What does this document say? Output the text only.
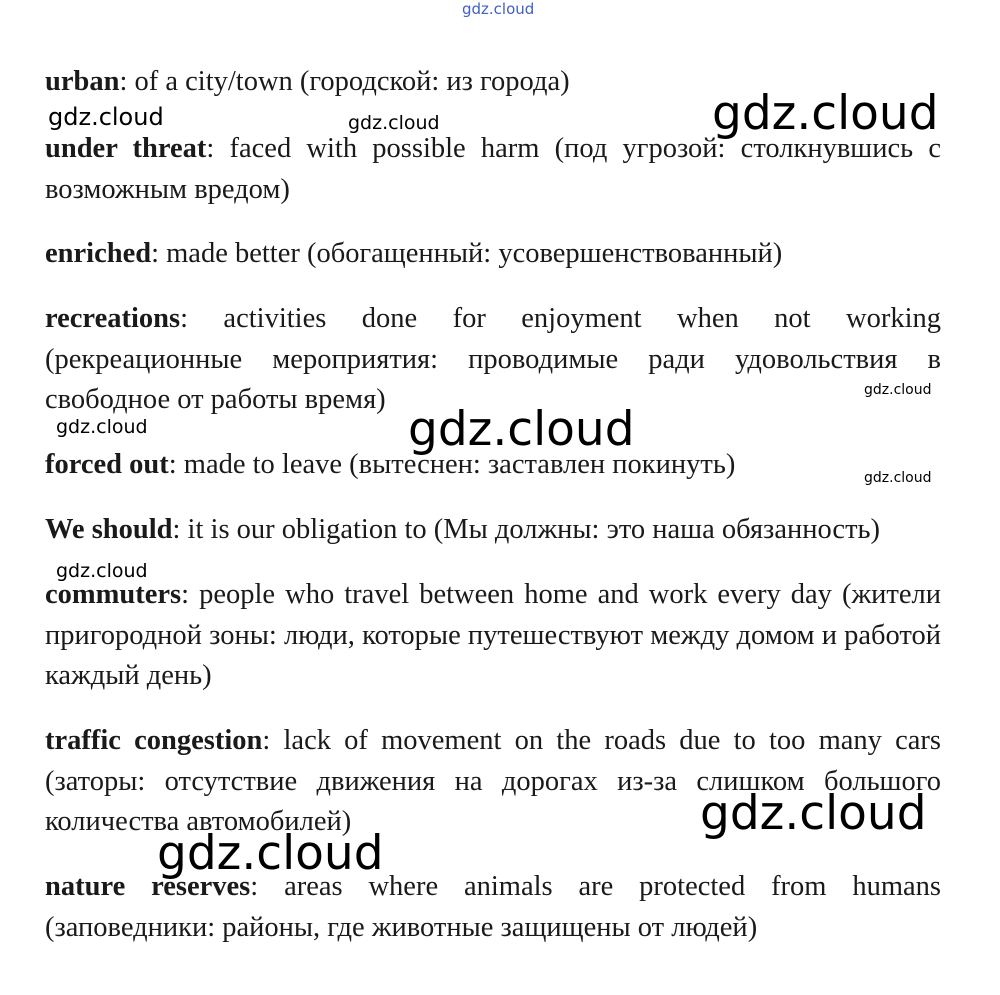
urban: of a city/town (городской: из города)

under threat: faced with possible harm (под угрозой: столкнувшись с возможным вредом)

enriched: made better (обогащенный: усовершенствованный)

recreations: activities done for enjoyment when not working (рекреационные мероприятия: проводимые ради удовольствия в свободное от работы время)

forced out: made to leave (вытеснен: заставлен покинуть)

We should: it is our obligation to (Мы должны: это наша обязанность)

commuters: people who travel between home and work every day (жители пригородной зоны: люди, которые путешествуют между домом и работой каждый день)

traffic congestion: lack of movement on the roads due to too many cars (заторы: отсутствие движения на дорогах из-за слишком большого количества автомобилей)

nature reserves: areas where animals are protected from humans (заповедники: районы, где животные защищены от людей)

gdz.cloud
gdz.cloud	gdz.cloud	gdz.cloud
gdz.cloud
gdz.cloud	gdz.cloud
gdz.cloud
gdz.cloud
gdz.cloud
gdz.cloud
